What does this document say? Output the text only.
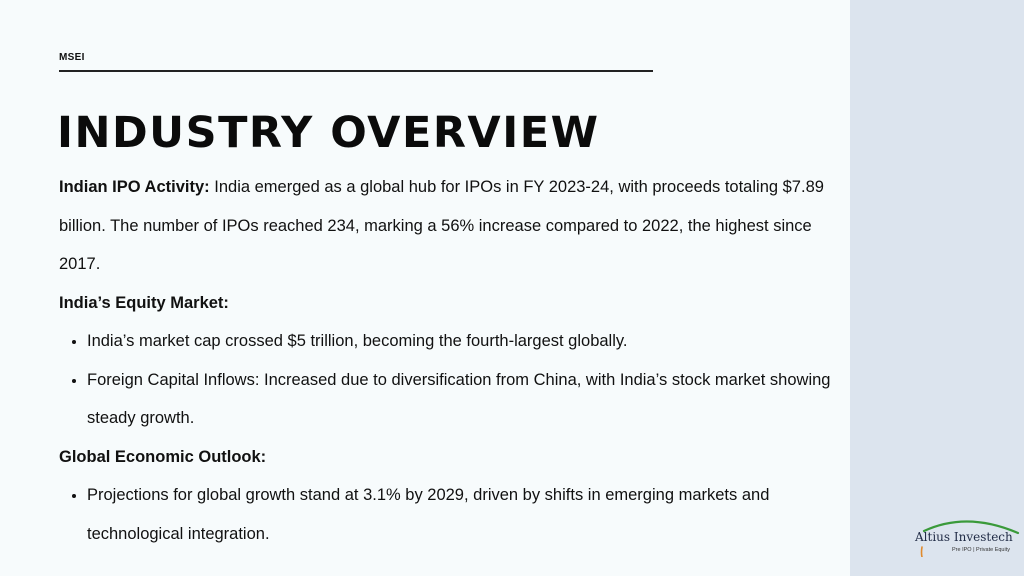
MSEI
INDUSTRY OVERVIEW

Indian IPO Activity: India emerged as a global hub for IPOs in FY 2023-24, with proceeds totaling $7.89 billion. The number of IPOs reached 234, marking a 56% increase compared to 2022, the highest since 2017.

India’s Equity Market:

• India’s market cap crossed $5 trillion, becoming the fourth-largest globally.
• Foreign Capital Inflows: Increased due to diversification from China, with India’s stock market showing steady growth.

Global Economic Outlook:

• Projections for global growth stand at 3.1% by 2029, driven by shifts in emerging markets and technological integration.	Altius Investech
Pre IPO | Private Equity
